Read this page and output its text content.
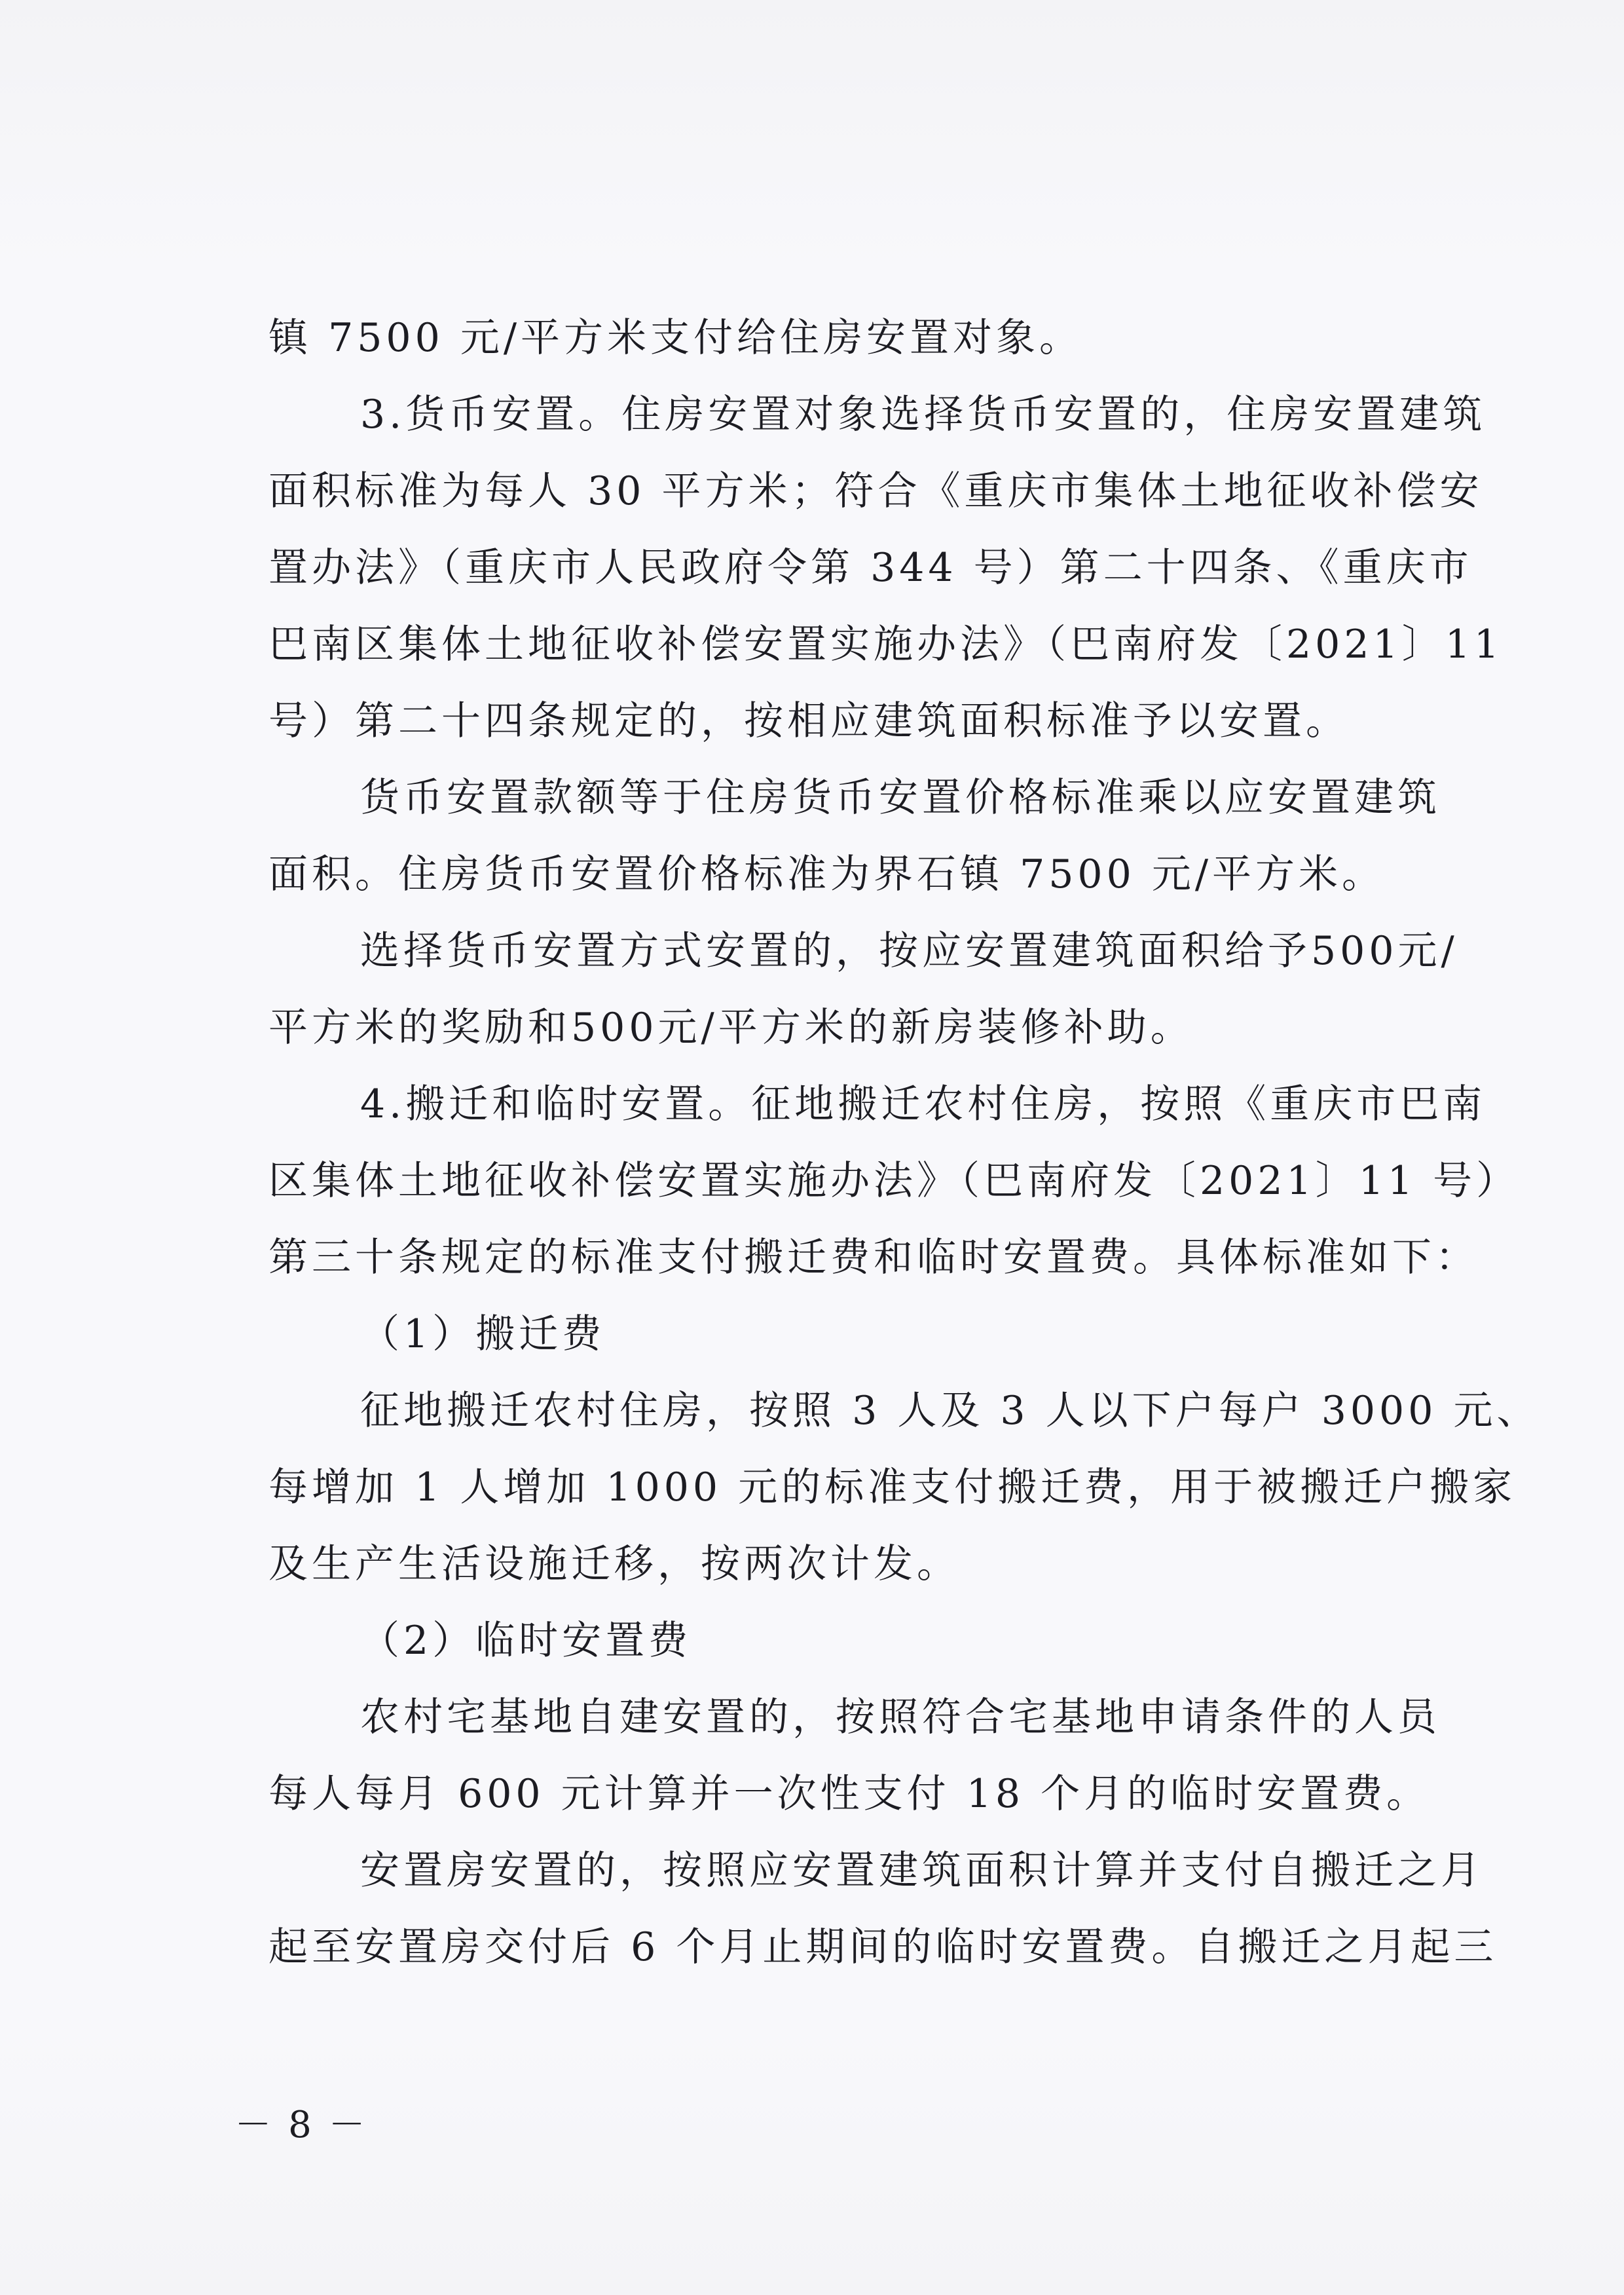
镇 7500 元/平方米支付给住房安置对象。
3.货币安置。住房安置对象选择货币安置的，住房安置建筑
面积标准为每人 30 平方米；符合《重庆市集体土地征收补偿安
置办法》（重庆市人民政府令第 344 号）第二十四条、《重庆市
巴南区集体土地征收补偿安置实施办法》（巴南府发〔2021〕11
号）第二十四条规定的，按相应建筑面积标准予以安置。
货币安置款额等于住房货币安置价格标准乘以应安置建筑
面积。住房货币安置价格标准为界石镇 7500 元/平方米。
选择货币安置方式安置的，按应安置建筑面积给予500元/
平方米的奖励和500元/平方米的新房装修补助。
4.搬迁和临时安置。征地搬迁农村住房，按照《重庆市巴南
区集体土地征收补偿安置实施办法》（巴南府发〔2021〕11 号）
第三十条规定的标准支付搬迁费和临时安置费。具体标准如下：
（1）搬迁费
征地搬迁农村住房，按照 3 人及 3 人以下户每户 3000 元、
每增加 1 人增加 1000 元的标准支付搬迁费，用于被搬迁户搬家
及生产生活设施迁移，按两次计发。
（2）临时安置费
农村宅基地自建安置的，按照符合宅基地申请条件的人员
每人每月 600 元计算并一次性支付 18 个月的临时安置费。
安置房安置的，按照应安置建筑面积计算并支付自搬迁之月
起至安置房交付后 6 个月止期间的临时安置费。自搬迁之月起三
－ 8 －
